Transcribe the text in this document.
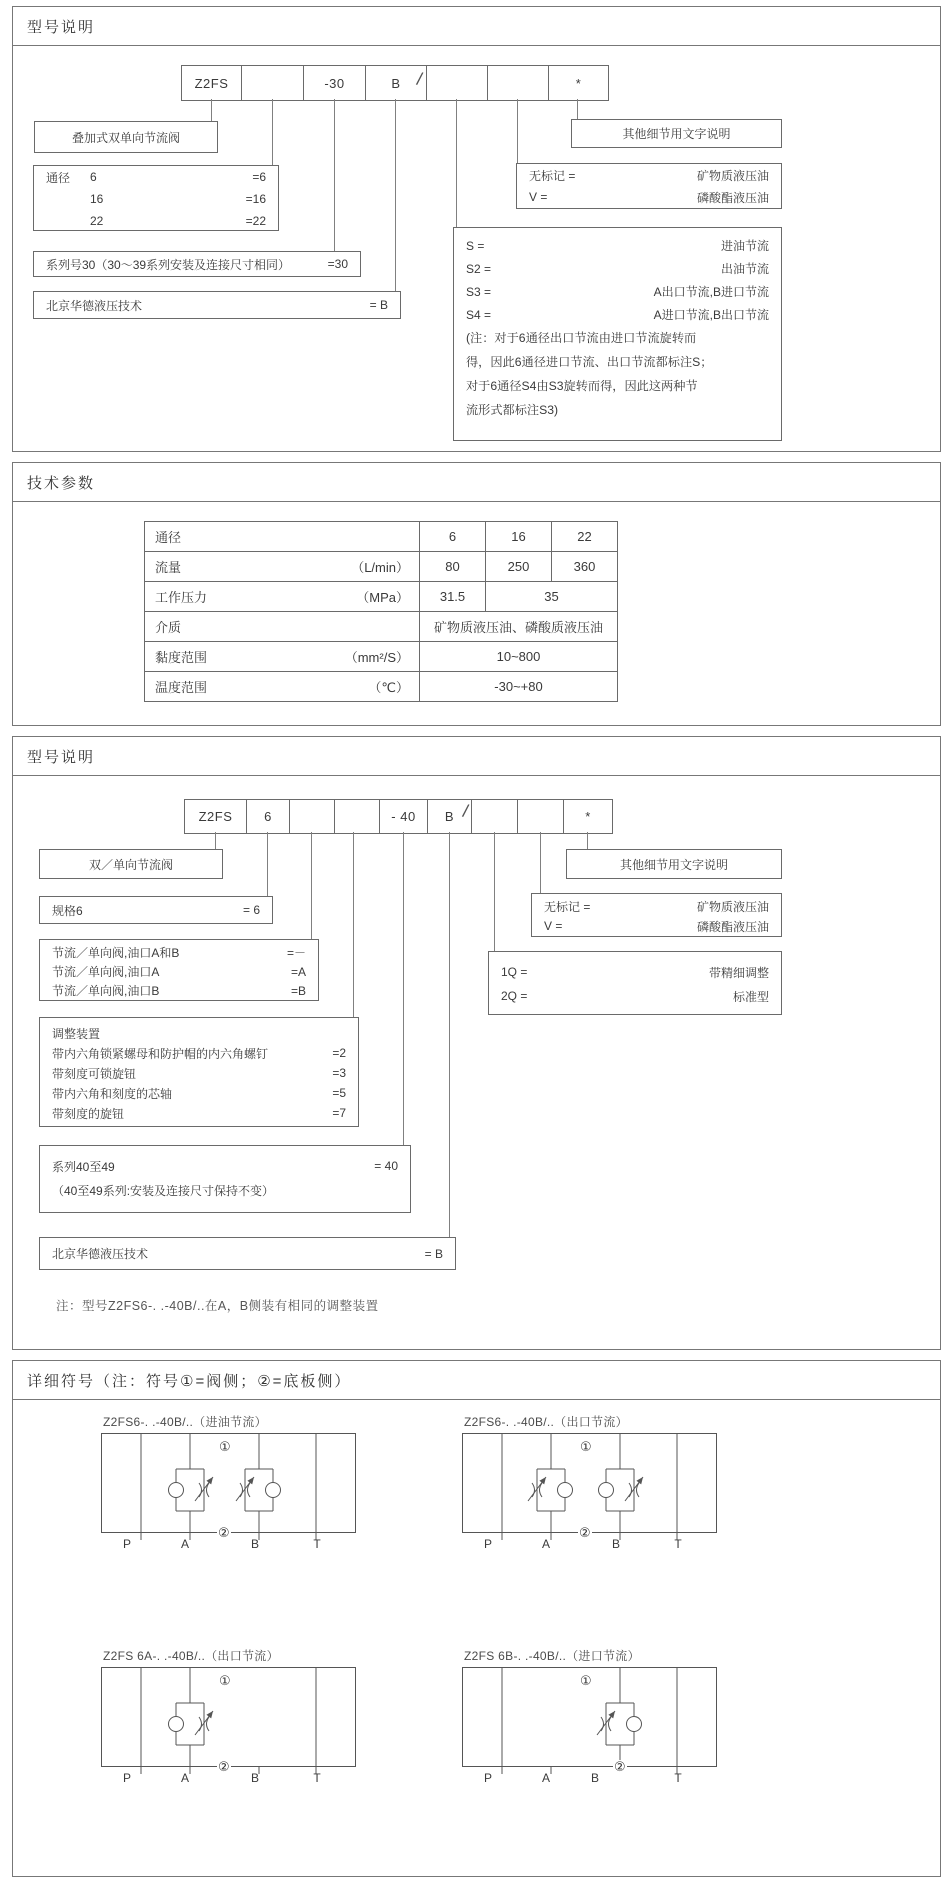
型号说明
Z2FS	-30	B	*
/
叠加式双单向节流阀
通径	6	=6
16	=16
22	=22
系列号30（30～39系列安装及连接尺寸相同）	=30
北京华德液压技术	= B
其他细节用文字说明
无标记 =	矿物质液压油
V =	磷酸酯液压油
S =	进油节流
S2 =	出油节流
S3 =	A出口节流,B进口节流
S4 =	A进口节流,B出口节流
(注：对于6通径出口节流由进口节流旋转而
得，因此6通径进口节流、出口节流都标注S；
对于6通径S4由S3旋转而得，因此这两种节
流形式都标注S3)
技术参数
通径	6	16	22

流量 （L/min）	80	250	360

工作压力 （MPa）	31.5	35	

介质	矿物质液压油、磷酸质液压油		

黏度范围 （mm²/S）	10~800		

温度范围 （℃）	-30~+80		
型号说明
Z2FS	6	- 40	B	*
/
双／单向节流阀
规格6	= 6
节流／单向阀,油口A和B	=－
节流／单向阀,油口A	=A
节流／单向阀,油口B	=B
调整装置
带内六角锁紧螺母和防护帽的内六角螺钉	=2
带刻度可锁旋钮	=3
带内六角和刻度的芯轴	=5
带刻度的旋钮	=7
系列40至49	= 40
（40至49系列:安装及连接尺寸保持不变）
北京华德液压技术	= B
注：型号Z2FS6-. .-40B/..在A，B侧装有相同的调整装置
其他细节用文字说明
无标记 =	矿物质液压油
V =	磷酸酯液压油
1Q =	带精细调整
2Q =	标准型
详细符号（注：符号①=阀侧；②=底板侧）
Z2FS6-. .-40B/..（进油节流）
①
②
P	A	B	T
Z2FS6-. .-40B/..（出口节流）
①
②
P	A	B	T
Z2FS 6A-. .-40B/..（出口节流）
①
②
P	A	B	T
Z2FS 6B-. .-40B/..（进口节流）
①
②
P	A	B	T
